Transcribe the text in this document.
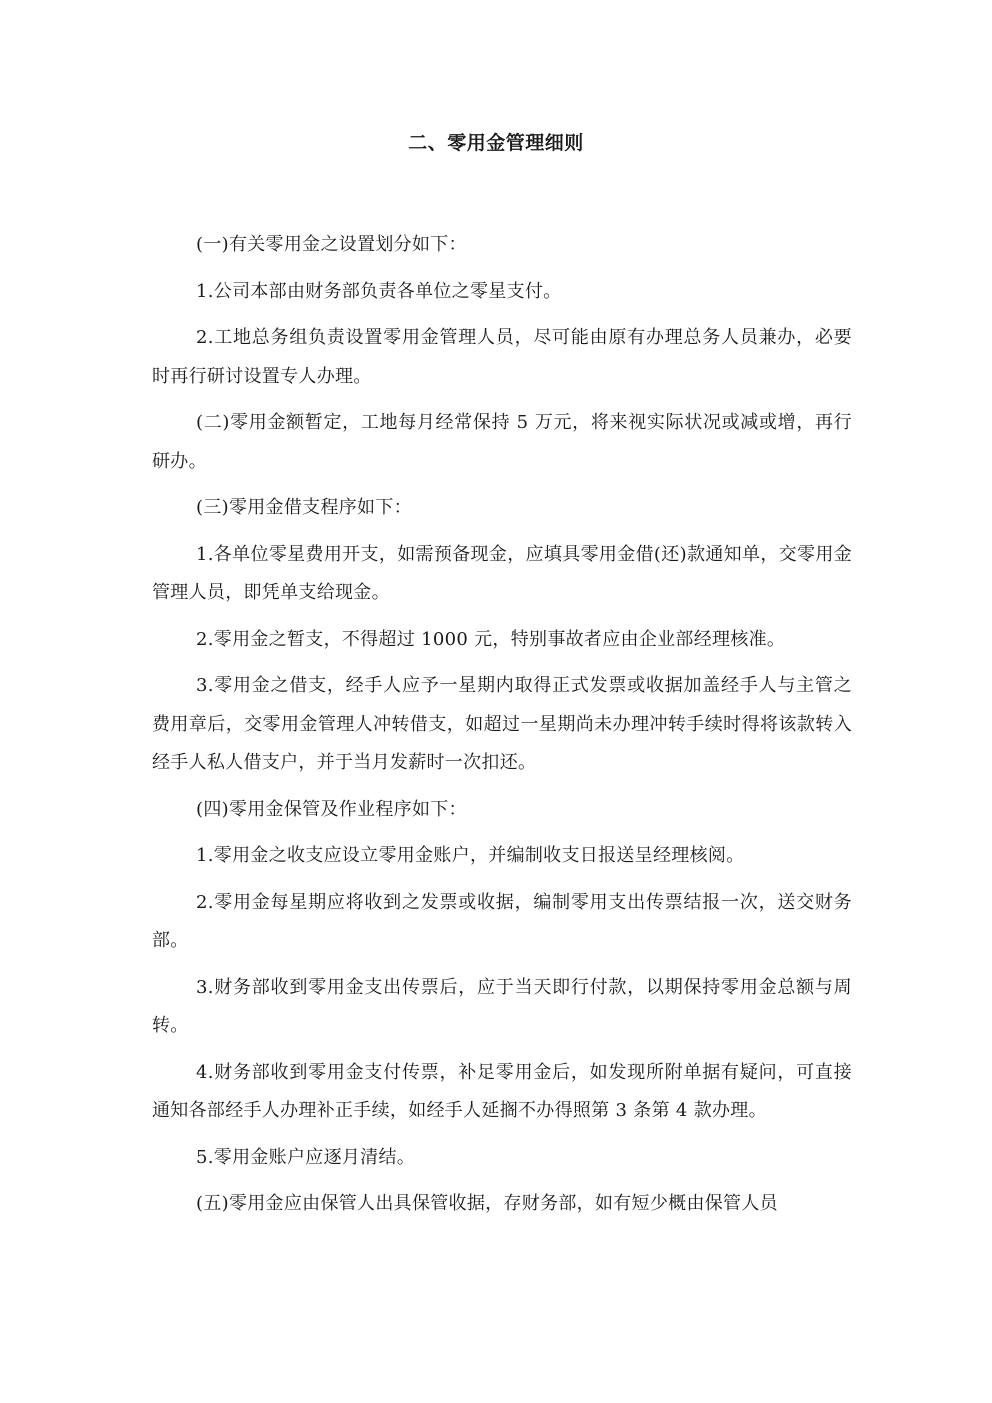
二、零用金管理细则

(一)有关零用金之设置划分如下：

1.公司本部由财务部负责各单位之零星支付。

2.工地总务组负责设置零用金管理人员，尽可能由原有办理总务人员兼办，必要时再行研讨设置专人办理。

(二)零用金额暂定，工地每月经常保持 5 万元，将来视实际状况或减或增，再行研办。

(三)零用金借支程序如下：

1.各单位零星费用开支，如需预备现金，应填具零用金借(还)款通知单，交零用金管理人员，即凭单支给现金。

2.零用金之暂支，不得超过 1000 元，特别事故者应由企业部经理核准。

3.零用金之借支，经手人应予一星期内取得正式发票或收据加盖经手人与主管之费用章后，交零用金管理人冲转借支，如超过一星期尚未办理冲转手续时得将该款转入经手人私人借支户，并于当月发薪时一次扣还。

(四)零用金保管及作业程序如下：

1.零用金之收支应设立零用金账户，并编制收支日报送呈经理核阅。

2.零用金每星期应将收到之发票或收据，编制零用支出传票结报一次，送交财务部。

3.财务部收到零用金支出传票后，应于当天即行付款，以期保持零用金总额与周转。

4.财务部收到零用金支付传票，补足零用金后，如发现所附单据有疑问，可直接通知各部经手人办理补正手续，如经手人延搁不办得照第 3 条第 4 款办理。

5.零用金账户应逐月清结。

(五)零用金应由保管人出具保管收据，存财务部，如有短少概由保管人员
